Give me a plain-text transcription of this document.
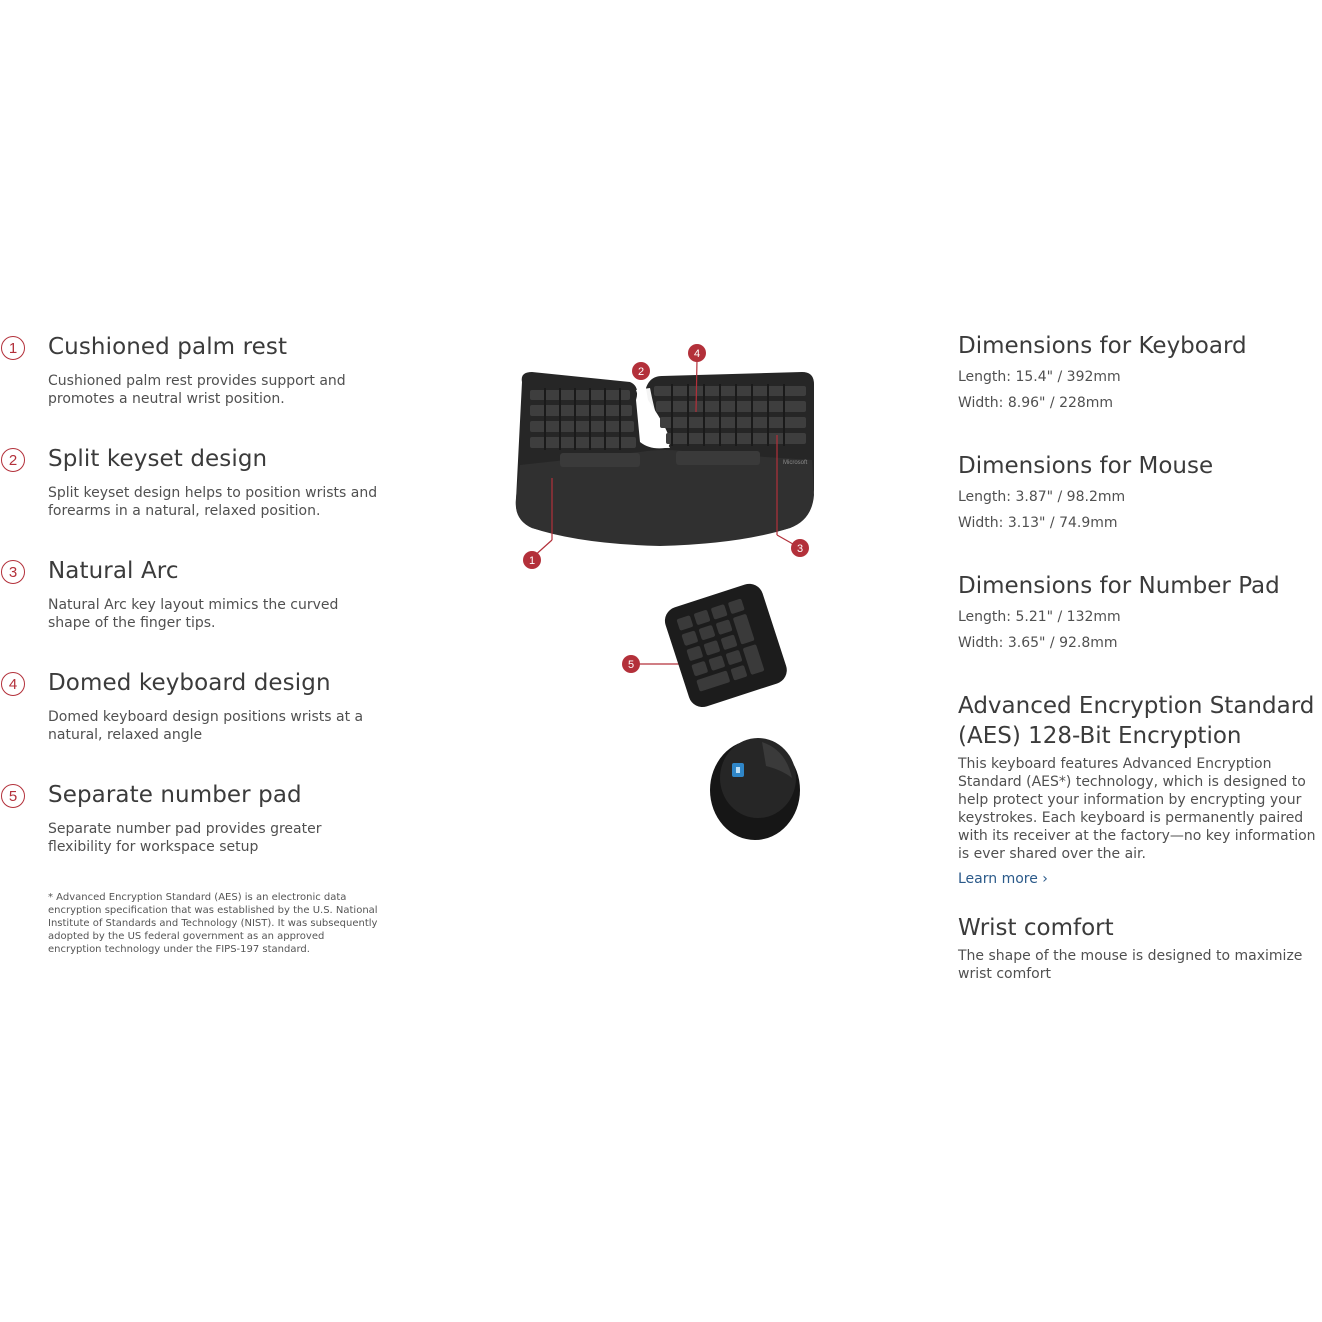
1	Cushioned palm rest

Cushioned palm rest provides support and promotes a neutral wrist position.

2	Split keyset design

Split keyset design helps to position wrists and forearms in a natural, relaxed position.

3	Natural Arc

Natural Arc key layout mimics the curved shape of the finger tips.

4	Domed keyboard design

Domed keyboard design positions wrists at a natural, relaxed angle

5	Separate number pad

Separate number pad provides greater flexibility for workspace setup

* Advanced Encryption Standard (AES) is an electronic data encryption specification that was established by the U.S. National Institute of Standards and Technology (NIST). It was subsequently adopted by the US federal government as an approved encryption technology under the FIPS-197 standard.

Microsoft
1
2
3
4
5
Dimensions for Keyboard
Length: 15.4" / 392mm
Width: 8.96" / 228mm
Dimensions for Mouse
Length: 3.87" / 98.2mm
Width: 3.13" / 74.9mm
Dimensions for Number Pad
Length: 5.21" / 132mm
Width: 3.65" / 92.8mm
Advanced Encryption Standard
(AES) 128-Bit Encryption

This keyboard features Advanced Encryption Standard (AES*) technology, which is designed to help protect your information by encrypting your keystrokes. Each keyboard is permanently paired with its receiver at the factory—no key information is ever shared over the air.

Learn more ›
Wrist comfort

The shape of the mouse is designed to maximize wrist comfort
